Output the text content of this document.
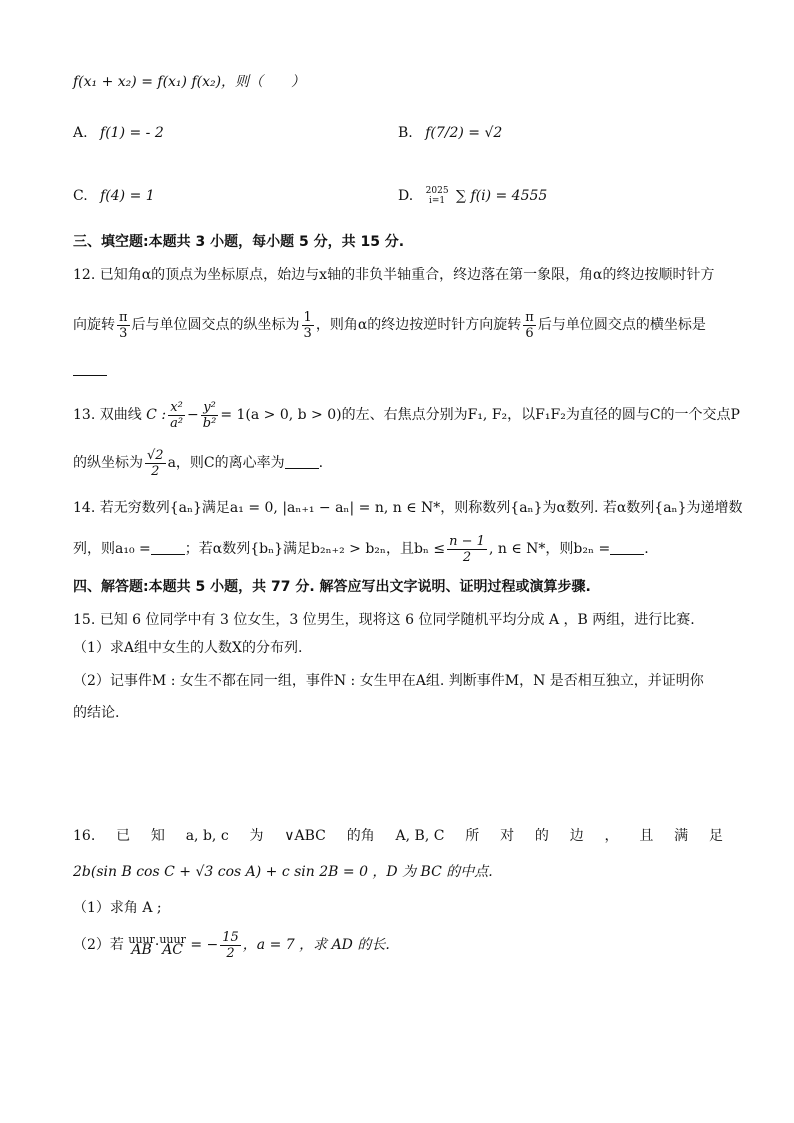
f(x₁ + x₂) = f(x₁) f(x₂)，则（　　）
A. f(1) = - 2	B. f(7/2) = √2
C. f(4) = 1	D. 2025
i=1 ∑ f(i) = 4555
三、填空题:本题共 3 小题，每小题 5 分，共 15 分.
12. 已知角α的顶点为坐标原点，始边与x轴的非负半轴重合，终边落在第一象限，角α的终边按顺时针方
向旋转 $\frac{\pi}{3}$ 后与单位圆交点的纵坐标为 $\frac{1}{3}$ ，则角α的终边按逆时针方向旋转 $\frac{\pi}{6}$ 后与单位圆交点的横坐标是
13. 双曲线 C : $\frac{\text{x²}}{\text{a²}} - \frac{\text{y²}}{\text{b²}} = 1(a > 0$, b > 0)的左、右焦点分别为F₁, F₂，以F₁F₂为直径的圆与C的一个交点P
的纵坐标为 $\frac{√2}{2}$ a，则C的离心率为 .
14. 若无穷数列{aₙ}满足a₁ = 0, |aₙ₊₁ − aₙ| = n, n ∈ N*，则称数列{aₙ}为α数列. 若α数列{aₙ}为递增数
列，则a₁₀ = ；若α数列{bₙ}满足b₂ₙ₊₂ > b₂ₙ，且$b_n \le \frac{n - 1}{2}$ , n ∈ N*，则b₂ₙ = .
四、解答题:本题共 5 小题，共 77 分. 解答应写出文字说明、证明过程或演算步骤.
15. 已知 6 位同学中有 3 位女生，3 位男生，现将这 6 位同学随机平均分成 A ，B 两组，进行比赛.
（1）求A组中女生的人数X的分布列.
（2）记事件M : 女生不都在同一组，事件N : 女生甲在A组. 判断事件M，N 是否相互独立，并证明你
的结论.
16. 已 知 a, b, c 为 ∨ABC 的角 A, B, C 所 对 的 边 ， 且 满 足
2b(sin B cos C + √3 cos A) + c sin 2B = 0 ，D 为 BC 的中点.
（1）求角 A ;
（2）若 uuur
AB · uuur
AC = − $\frac{15}{2}$ ，a = 7 ，求 AD 的长.
